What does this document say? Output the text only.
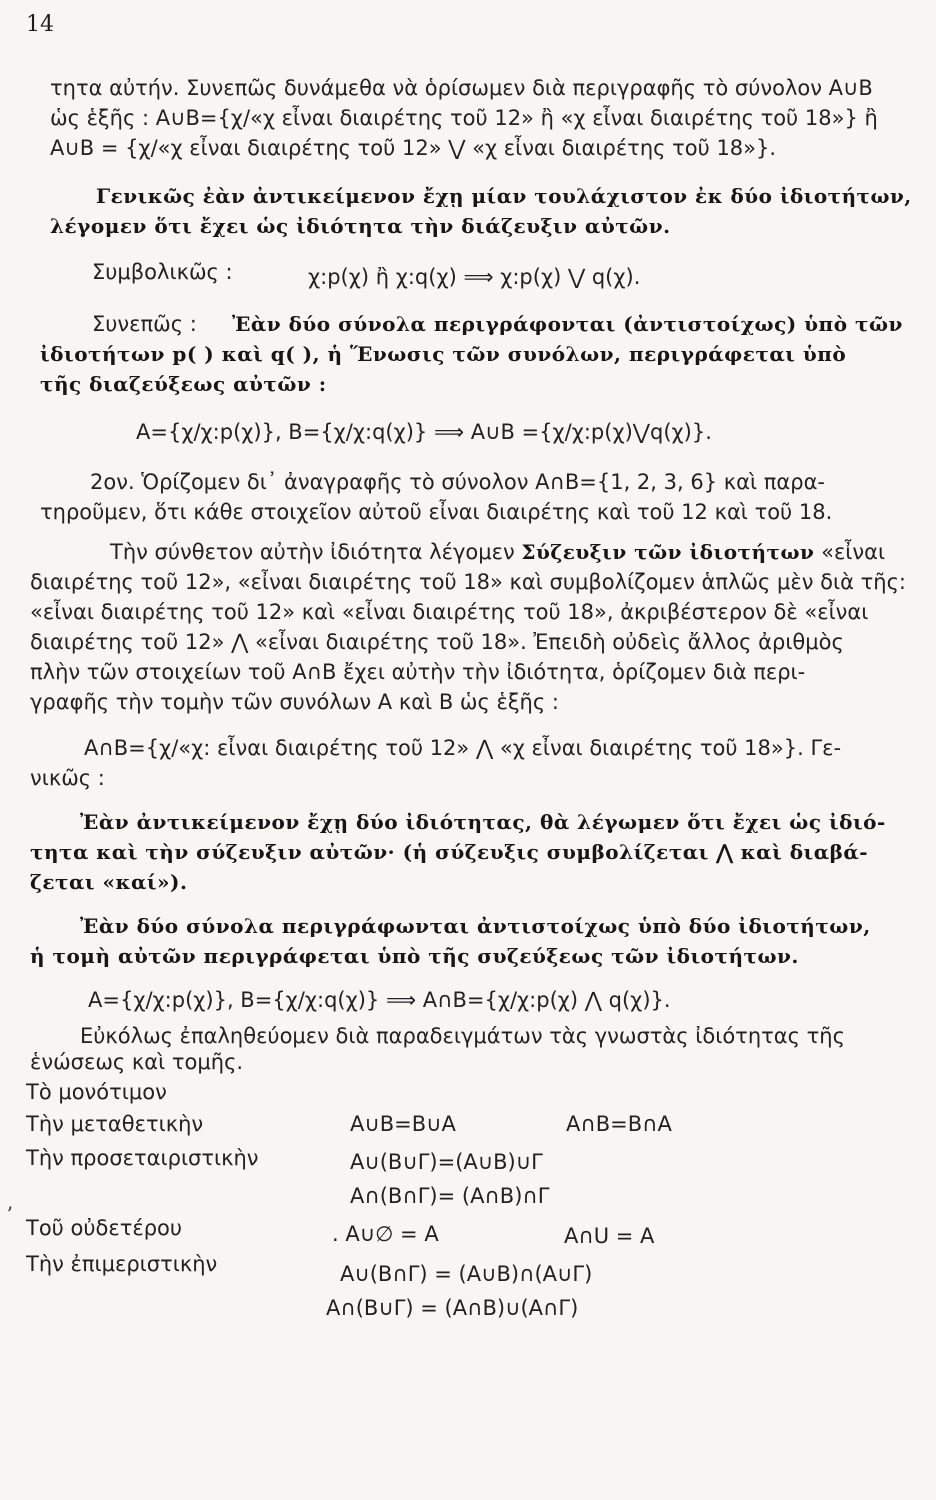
14
ʼ
τητα αὐτήν. Συνεπῶς δυνάμεθα νὰ ὁρίσωμεν διὰ περιγραφῆς τὸ σύνολον A∪B
ὡς ἑξῆς : A∪B={χ/«χ εἶναι διαιρέτης τοῦ 12» ἢ «χ εἶναι διαιρέτης τοῦ 18»} ἢ
A∪B = {χ/«χ εἶναι διαιρέτης τοῦ 12» ⋁ «χ εἶναι διαιρέτης τοῦ 18»}.
Γενικῶς ἐὰν ἀντικείμενον ἔχῃ μίαν τουλάχιστον ἐκ δύο ἰδιοτήτων,
λέγομεν ὅτι ἔχει ὡς ἰδιότητα τὴν διάζευξιν αὐτῶν.
Συμβολικῶς :	χ:p(χ) ἢ χ:q(χ) ⟹ χ:p(χ) ⋁ q(χ).
Συνεπῶς : Ἐὰν δύο σύνολα περιγράφονται (ἀντιστοίχως) ὑπὸ τῶν
ἰδιοτήτων p( ) καὶ q( ), ἡ Ἕνωσις τῶν συνόλων, περιγράφεται ὑπὸ
τῆς διαζεύξεως αὐτῶν :
A={χ/χ:p(χ)}, B={χ/χ:q(χ)} ⟹ A∪B ={χ/χ:p(χ)⋁q(χ)}.
2ον. Ὁρίζομεν δι᾽ ἀναγραφῆς τὸ σύνολον A∩B={1, 2, 3, 6} καὶ παρα-
τηροῦμεν, ὅτι κάθε στοιχεῖον αὐτοῦ εἶναι διαιρέτης καὶ τοῦ 12 καὶ τοῦ 18.
Τὴν σύνθετον αὐτὴν ἰδιότητα λέγομεν Σύζευξιν τῶν ἰδιοτήτων «εἶναι
διαιρέτης τοῦ 12», «εἶναι διαιρέτης τοῦ 18» καὶ συμβολίζομεν ἁπλῶς μὲν διὰ τῆς:
«εἶναι διαιρέτης τοῦ 12» καὶ «εἶναι διαιρέτης τοῦ 18», ἀκριβέστερον δὲ «εἶναι
διαιρέτης τοῦ 12» ⋀ «εἶναι διαιρέτης τοῦ 18». Ἐπειδὴ οὐδεὶς ἄλλος ἀριθμὸς
πλὴν τῶν στοιχείων τοῦ A∩B ἔχει αὐτὴν τὴν ἰδιότητα, ὁρίζομεν διὰ περι-
γραφῆς τὴν τομὴν τῶν συνόλων A καὶ B ὡς ἑξῆς :
A∩B={χ/«χ: εἶναι διαιρέτης τοῦ 12» ⋀ «χ εἶναι διαιρέτης τοῦ 18»}. Γε-
νικῶς :
Ἐὰν ἀντικείμενον ἔχῃ δύο ἰδιότητας, θὰ λέγωμεν ὅτι ἔχει ὡς ἰδιό-
τητα καὶ τὴν σύζευξιν αὐτῶν· (ἡ σύζευξις συμβολίζεται ⋀ καὶ διαβά-
ζεται «καί»).
Ἐὰν δύο σύνολα περιγράφωνται ἀντιστοίχως ὑπὸ δύο ἰδιοτήτων,
ἡ τομὴ αὐτῶν περιγράφεται ὑπὸ τῆς συζεύξεως τῶν ἰδιοτήτων.
A={χ/χ:p(χ)}, B={χ/χ:q(χ)} ⟹ A∩B={χ/χ:p(χ) ⋀ q(χ)}.
Εὐκόλως ἐπαληθεύομεν διὰ παραδειγμάτων τὰς γνωστὰς ἰδιότητας τῆς
ἑνώσεως καὶ τομῆς.
Τὸ μονότιμον
Τὴν μεταθετικὴν	A∪B=B∪A	A∩B=B∩A
Τὴν προσεταιριστικὴν	A∪(B∪Γ)=(A∪B)∪Γ
A∩(B∩Γ)= (A∩B)∩Γ
Τοῦ οὐδετέρου	. A∪∅ = A	A∩U = A
Τὴν ἐπιμεριστικὴν	A∪(B∩Γ) = (A∪B)∩(A∪Γ)
A∩(B∪Γ) = (A∩B)∪(A∩Γ)
